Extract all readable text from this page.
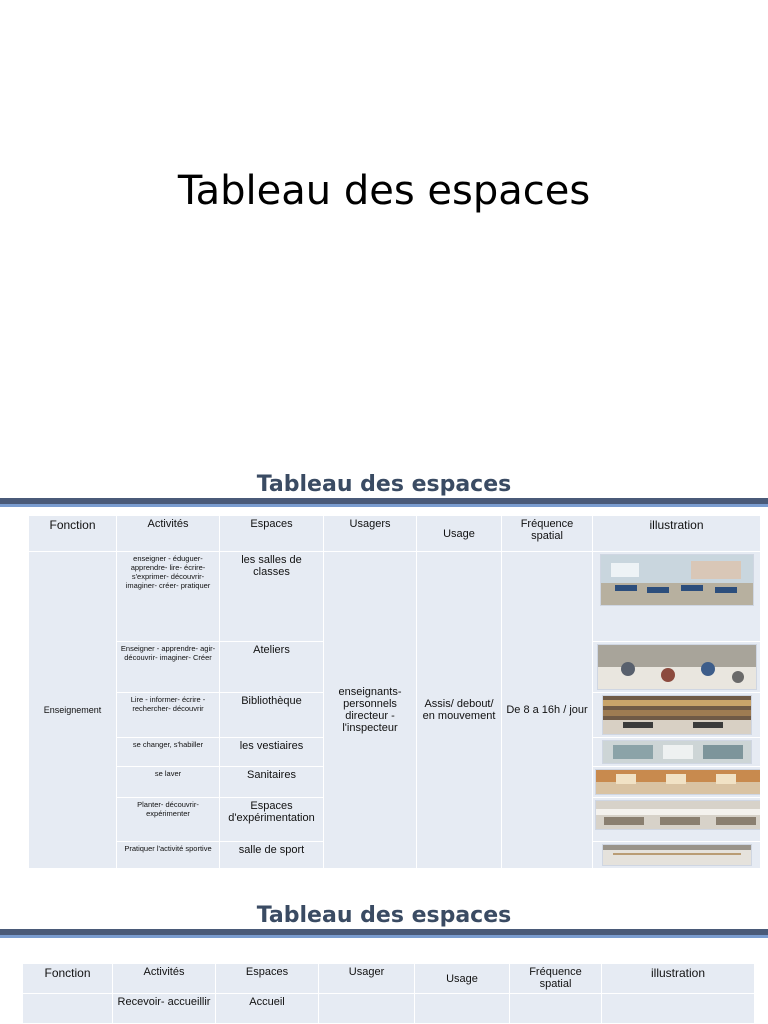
Tableau des espaces
Tableau des espaces
Fonction	Activités	Espaces	Usagers	Usage	Fréquence spatial	illustration
Enseignement	enseigner - éduguer- apprendre- lire- écrire- s'exprimer- découvrir- imaginer- créer- pratiquer	les salles de classes	enseignants- personnels directeur - l'inspecteur	Assis/ debout/ en mouvement	De 8 a 16h / jour	

	Enseigner - apprendre- agir- découvrir- imaginer- Créer	Ateliers	

	Lire - informer- écrire - rechercher- découvrir	Bibliothèque	

	se changer, s'habiller	les vestiaires	

	se laver	Sanitaires	

	Planter- découvrir- expérimenter	Espaces d'expérimentation	

	Pratiquer l'activité sportive	salle de sport	
Tableau des espaces
Fonction	Activités	Espaces	Usager	Usage	Fréquence spatial	illustration
	Recevoir- accueillir	Accueil				
